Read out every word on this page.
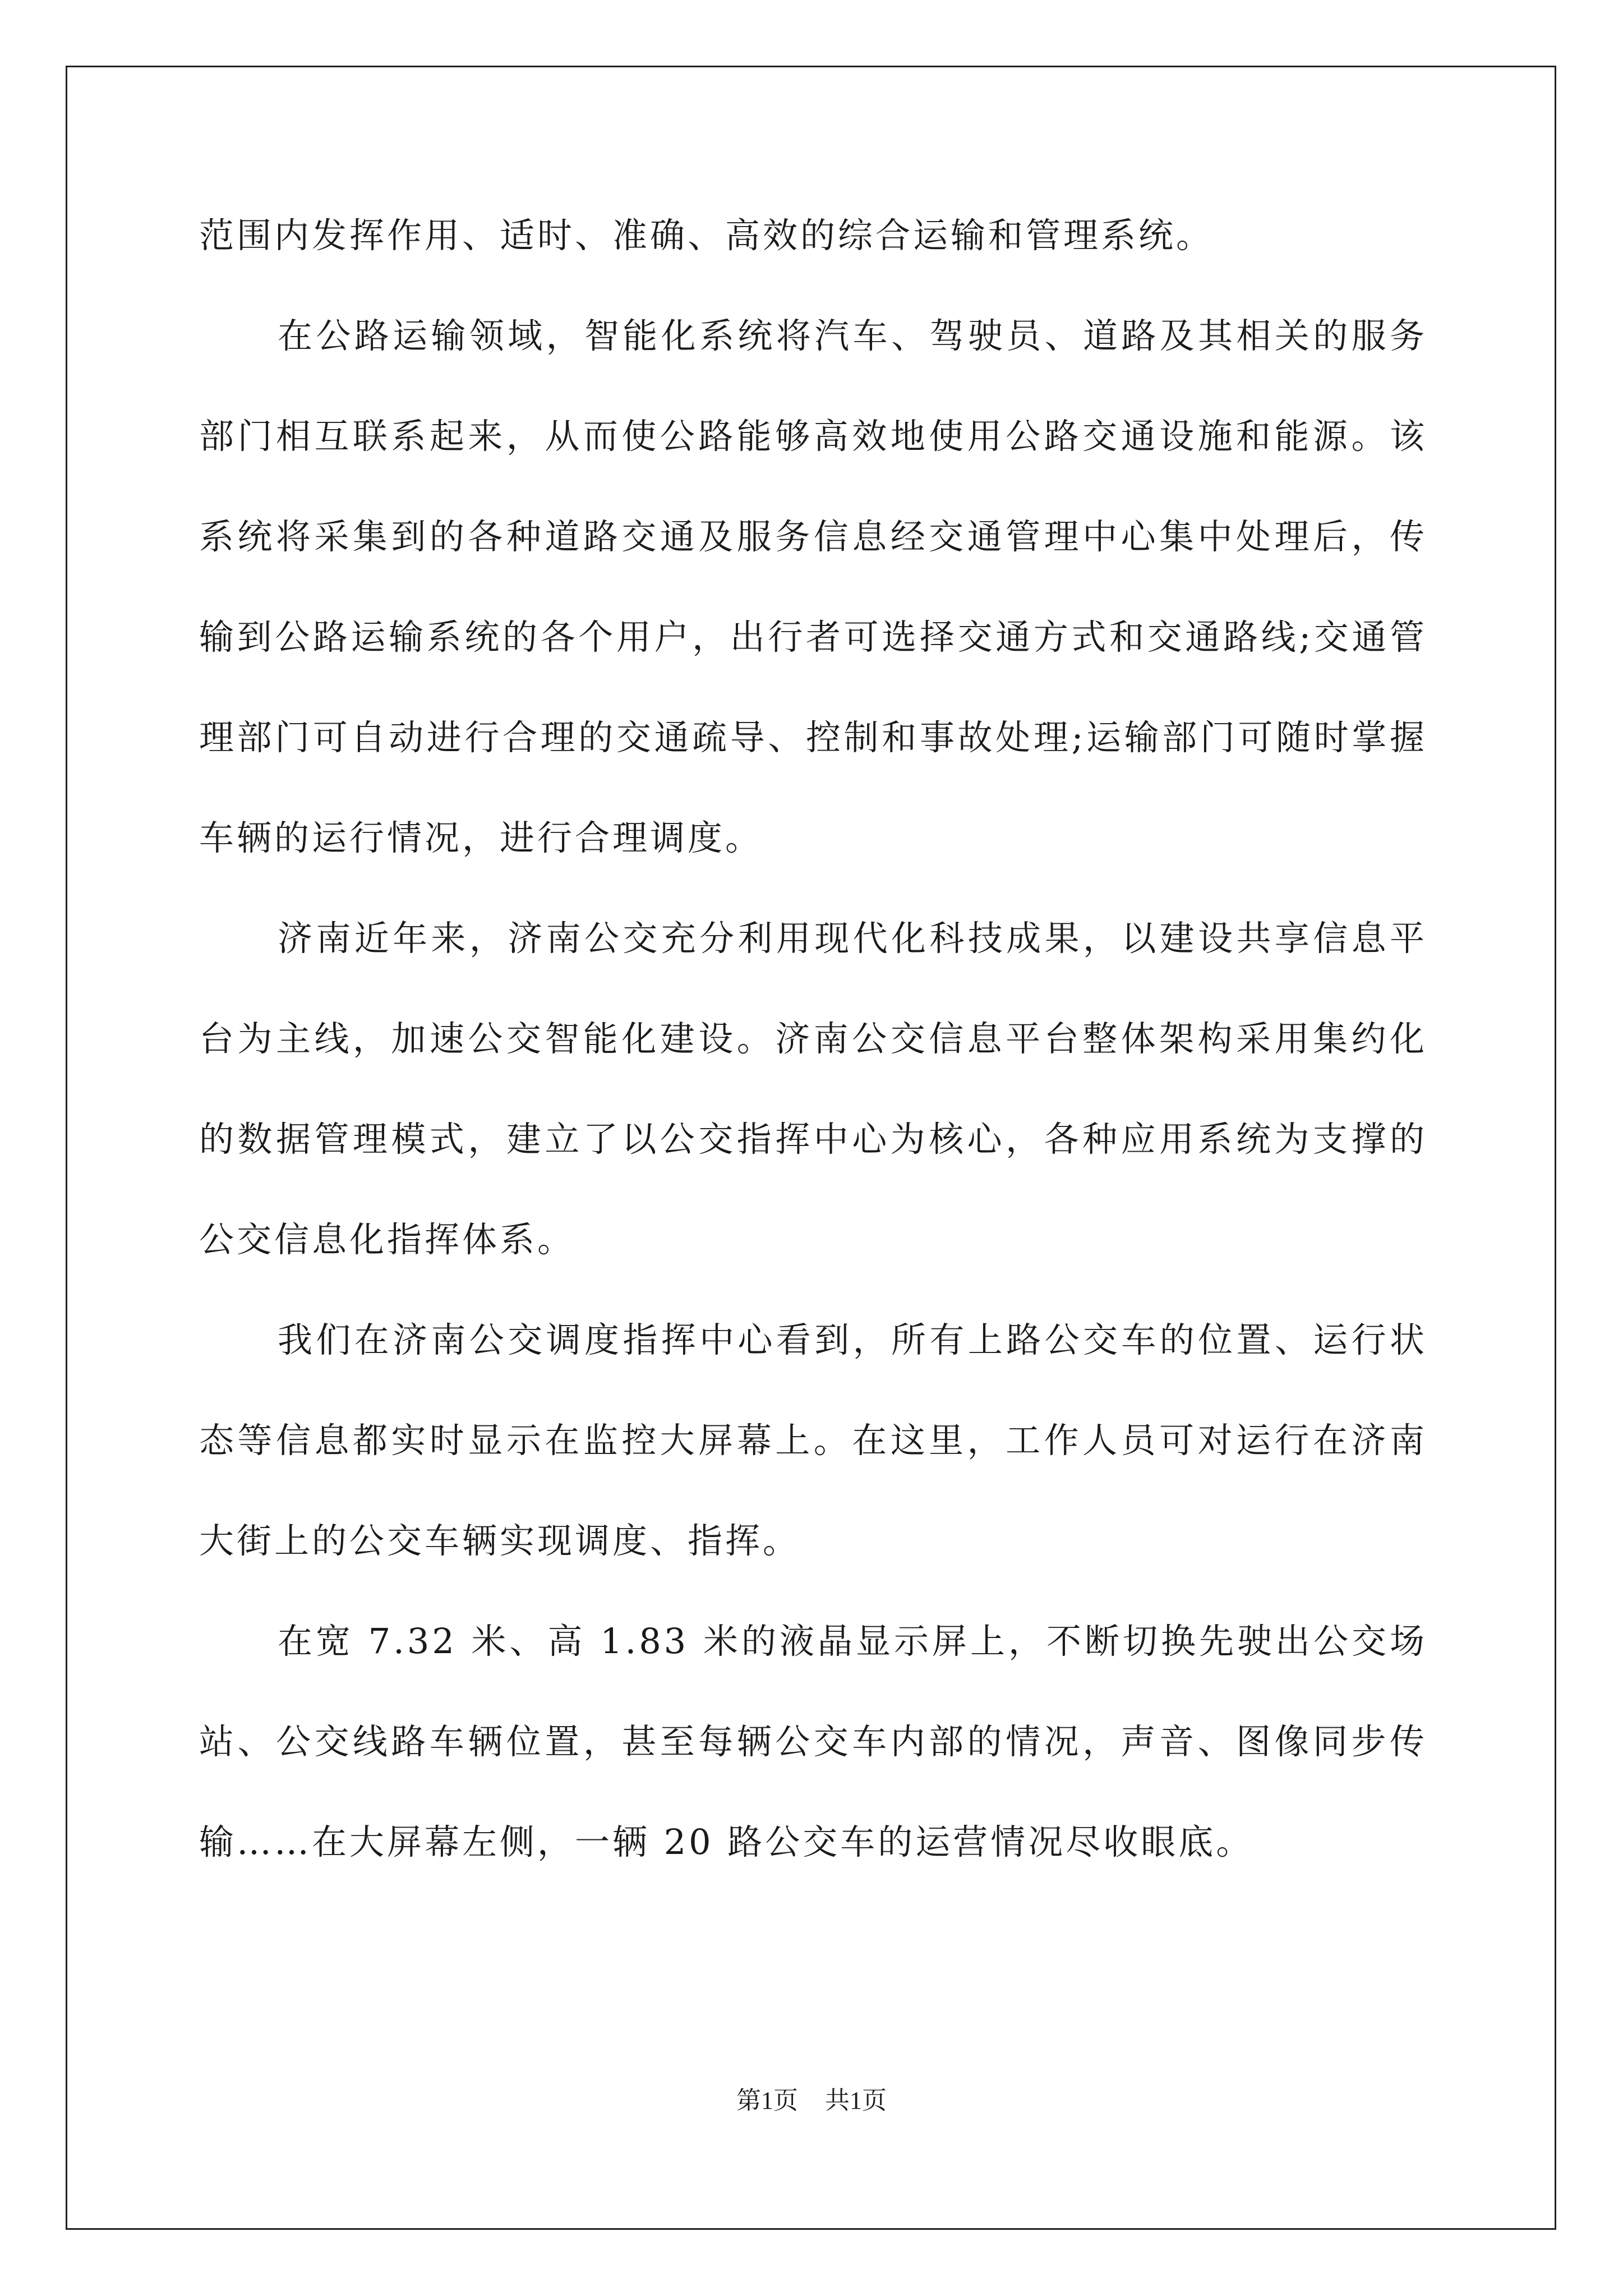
范围内发挥作用、适时、准确、高效的综合运输和管理系统。

在公路运输领域，智能化系统将汽车、驾驶员、道路及其相关的服务部门相互联系起来，从而使公路能够高效地使用公路交通设施和能源。该系统将采集到的各种道路交通及服务信息经交通管理中心集中处理后，传输到公路运输系统的各个用户，出行者可选择交通方式和交通路线;交通管理部门可自动进行合理的交通疏导、控制和事故处理;运输部门可随时掌握车辆的运行情况，进行合理调度。

济南近年来，济南公交充分利用现代化科技成果，以建设共享信息平台为主线，加速公交智能化建设。济南公交信息平台整体架构采用集约化的数据管理模式，建立了以公交指挥中心为核心，各种应用系统为支撑的公交信息化指挥体系。

我们在济南公交调度指挥中心看到，所有上路公交车的位置、运行状态等信息都实时显示在监控大屏幕上。在这里，工作人员可对运行在济南大街上的公交车辆实现调度、指挥。

在宽 7.32 米、高 1.83 米的液晶显示屏上，不断切换先驶出公交场站、公交线路车辆位置，甚至每辆公交车内部的情况，声音、图像同步传输……在大屏幕左侧，一辆 20 路公交车的运营情况尽收眼底。

第1页 共1页
